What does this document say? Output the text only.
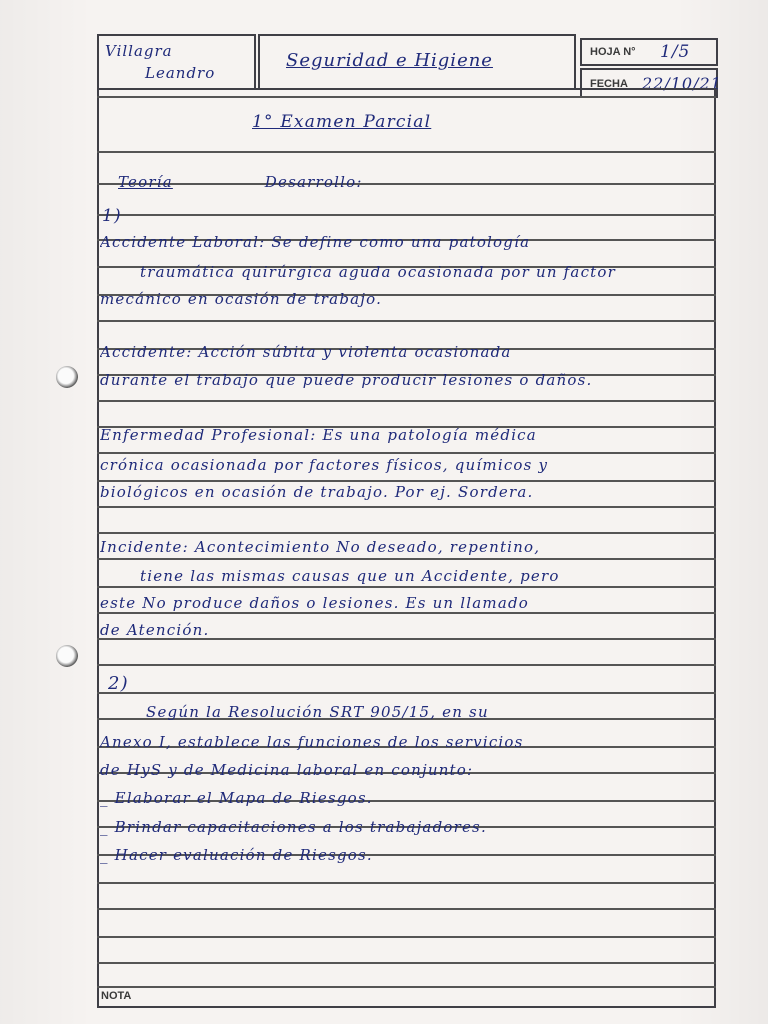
Villagra
Leandro
Seguridad e Higiene	HOJA N° 1/5
FECHA 22/10/21
1° Examen Parcial
Teoría	Desarrollo:
1)
Accidente Laboral: Se define como una patología
traumática quirúrgica aguda ocasionada por un factor
mecánico en ocasión de trabajo.
Accidente: Acción súbita y violenta ocasionada
durante el trabajo que puede producir lesiones o daños.
Enfermedad Profesional: Es una patología médica
crónica ocasionada por factores físicos, químicos y
biológicos en ocasión de trabajo. Por ej. Sordera.
Incidente: Acontecimiento No deseado, repentino,
tiene las mismas causas que un Accidente, pero
este No produce daños o lesiones. Es un llamado
de Atención.
2)
Según la Resolución SRT 905/15, en su
Anexo I, establece las funciones de los servicios
de HyS y de Medicina laboral en conjunto:
_ Elaborar el Mapa de Riesgos.
_ Brindar capacitaciones a los trabajadores.
_ Hacer evaluación de Riesgos.
NOTA
